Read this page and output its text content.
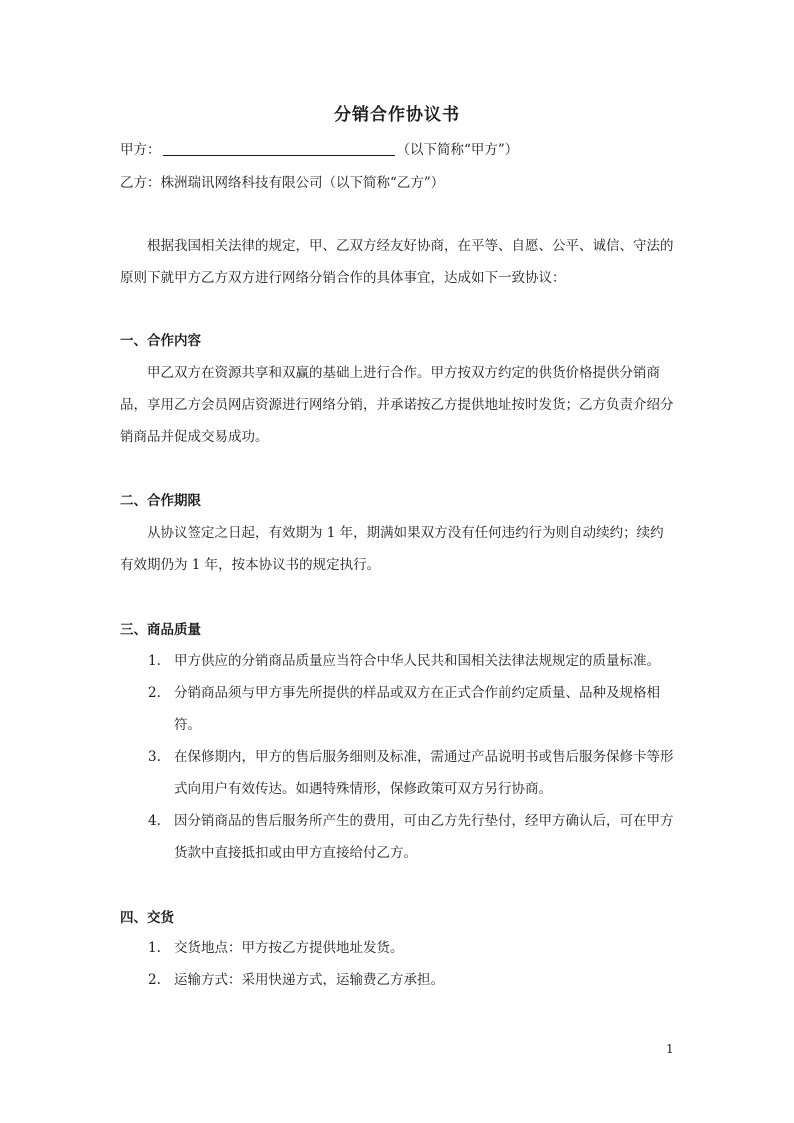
分销合作协议书
甲方：	（以下简称“甲方”）
乙方：株洲瑞讯网络科技有限公司（以下简称“乙方”）
根据我国相关法律的规定，甲、乙双方经友好协商，在平等、自愿、公平、诚信、守法的原则下就甲方乙方双方进行网络分销合作的具体事宜，达成如下一致协议：
一、合作内容
甲乙双方在资源共享和双赢的基础上进行合作。甲方按双方约定的供货价格提供分销商品，享用乙方会员网店资源进行网络分销，并承诺按乙方提供地址按时发货；乙方负责介绍分销商品并促成交易成功。
二、合作期限
从协议签定之日起，有效期为 1 年，期满如果双方没有任何违约行为则自动续约；续约有效期仍为 1 年，按本协议书的规定执行。
三、商品质量
1. 甲方供应的分销商品质量应当符合中华人民共和国相关法律法规规定的质量标准。
2. 分销商品须与甲方事先所提供的样品或双方在正式合作前约定质量、品种及规格相符。
3. 在保修期内，甲方的售后服务细则及标准，需通过产品说明书或售后服务保修卡等形式向用户有效传达。如遇特殊情形，保修政策可双方另行协商。
4. 因分销商品的售后服务所产生的费用，可由乙方先行垫付，经甲方确认后，可在甲方货款中直接抵扣或由甲方直接给付乙方。
四、交货
1. 交货地点：甲方按乙方提供地址发货。
2. 运输方式：采用快递方式，运输费乙方承担。
1
